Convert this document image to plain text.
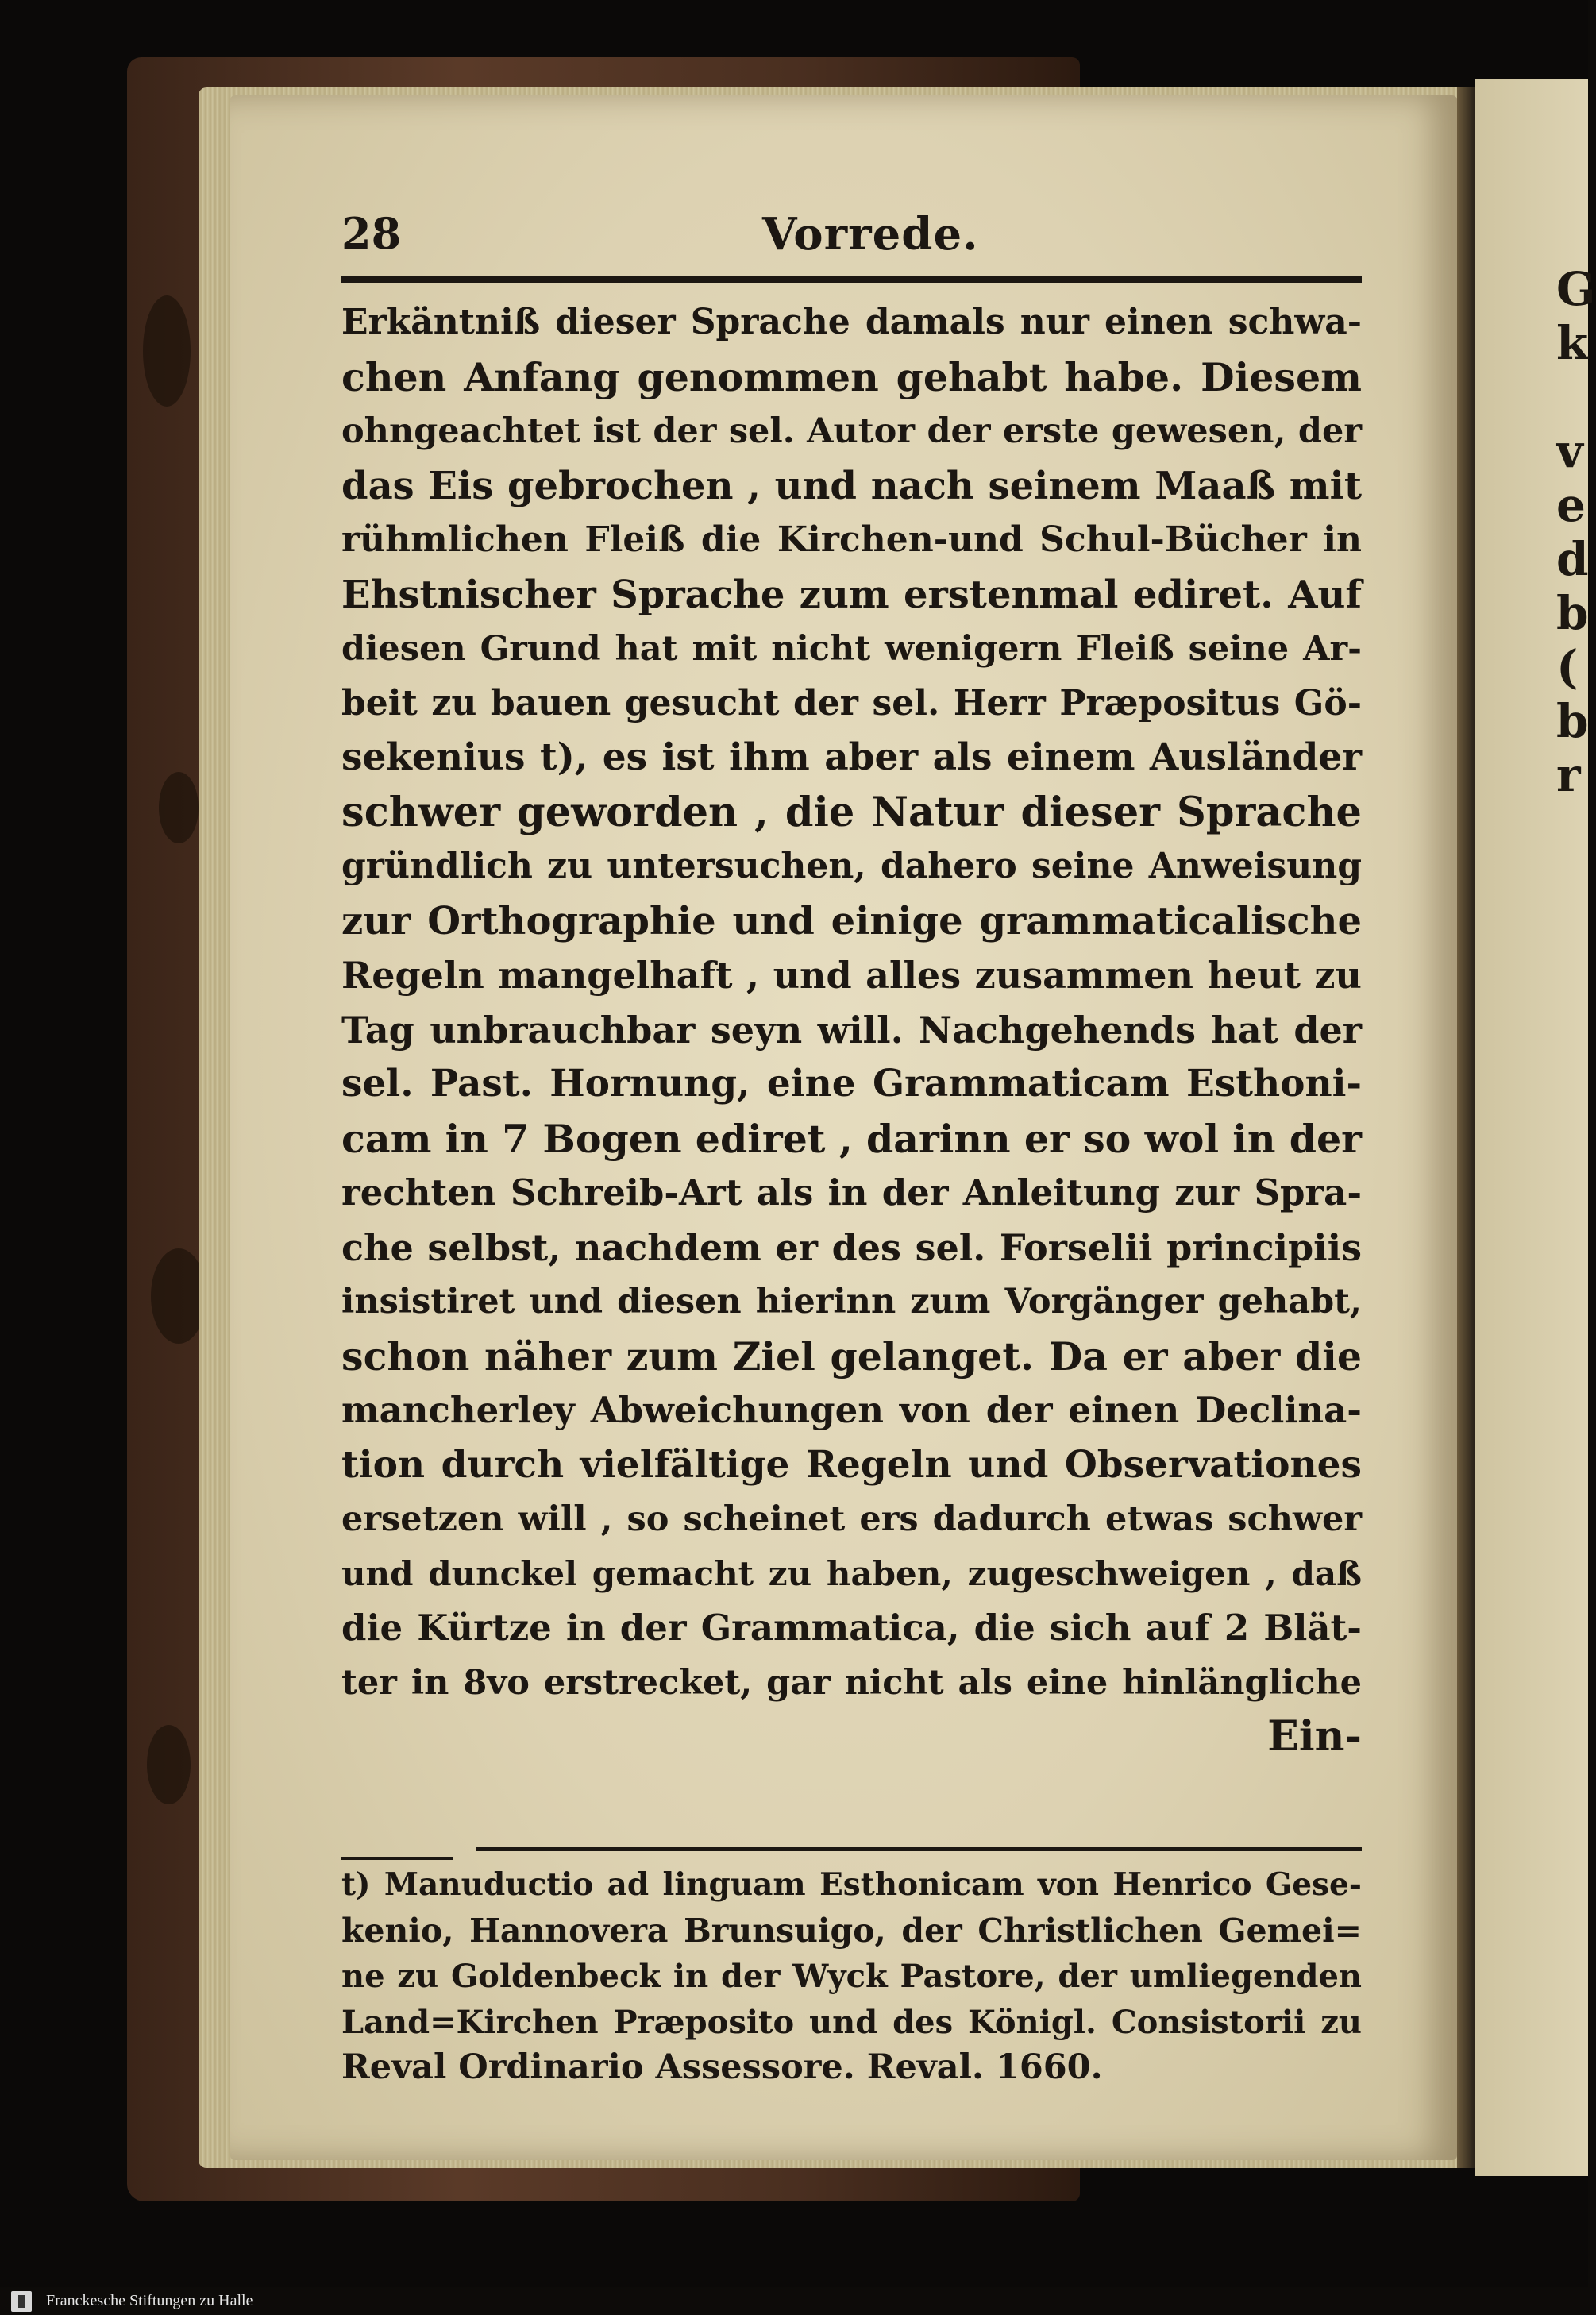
G
k

v
e
d
b
(
b
r
28	Vorrede.
Erkäntniß dieser Sprache damals nur einen schwa-
chen Anfang genommen gehabt habe. Diesem
ohngeachtet ist der sel. Autor der erste gewesen, der
das Eis gebrochen , und nach seinem Maaß mit
rühmlichen Fleiß die Kirchen-und Schul-Bücher in
Ehstnischer Sprache zum erstenmal ediret. Auf
diesen Grund hat mit nicht wenigern Fleiß seine Ar-
beit zu bauen gesucht der sel. Herr Præpositus Gö-
sekenius t), es ist ihm aber als einem Ausländer
schwer geworden , die Natur dieser Sprache
gründlich zu untersuchen, dahero seine Anweisung
zur Orthographie und einige grammaticalische
Regeln mangelhaft , und alles zusammen heut zu
Tag unbrauchbar seyn will. Nachgehends hat der
sel. Past. Hornung, eine Grammaticam Esthoni-
cam in 7 Bogen ediret , darinn er so wol in der
rechten Schreib-Art als in der Anleitung zur Spra-
che selbst, nachdem er des sel. Forselii principiis
insistiret und diesen hierinn zum Vorgänger gehabt,
schon näher zum Ziel gelanget. Da er aber die
mancherley Abweichungen von der einen Declina-
tion durch vielfältige Regeln und Observationes
ersetzen will , so scheinet ers dadurch etwas schwer
und dunckel gemacht zu haben, zugeschweigen , daß
die Kürtze in der Grammatica, die sich auf 2 Blät-
ter in 8vo erstrecket, gar nicht als eine hinlängliche
Ein-
t) Manuductio ad linguam Esthonicam von Henrico Gese-
kenio, Hannovera Brunsuigo, der Christlichen Gemei=
ne zu Goldenbeck in der Wyck Pastore, der umliegenden
Land=Kirchen Præposito und des Königl. Consistorii zu
Reval Ordinario Assessore. Reval. 1660.
Franckesche Stiftungen zu Halle
